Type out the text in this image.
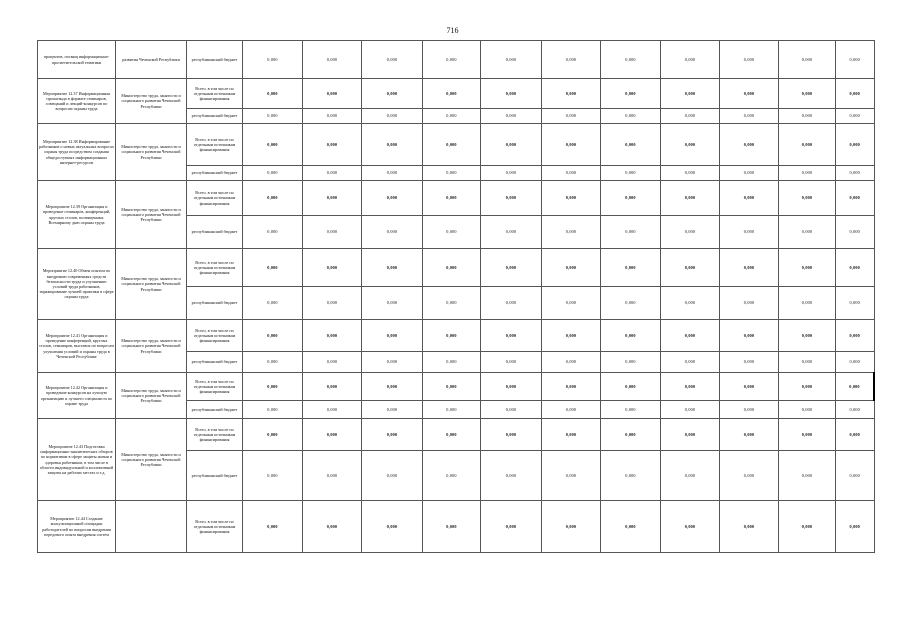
716
процентов, посвящ информационно-просветительской тематики	развития Чеченской Республики	республиканский бюджет	0,000	0,000	0,000	0,000	0,000	0,000	0,000	0,000	0,000	0,000	0,000
Мероприятие 12.37 Информационная пропаганда в формате семинаров, совещаний и лекций-конкурсов по вопросам охраны труда	Министерство труда, занятости и социального развития Чеченской Республики	Всего, в том числе по отдельным источникам финансирования	0,000	0,000	0,000	0,000	0,000	0,000	0,000	0,000	0,000	0,000	0,000
		республиканский бюджет	0,000	0,000	0,000	0,000	0,000	0,000	0,000	0,000	0,000	0,000	0,000
Мероприятие 12.38 Информирование работников о новых актуальных вопросах охраны труда посредством создания общедоступных информационных интернет-ресурсов	Министерство труда, занятости и социального развития Чеченской Республики	Всего, в том числе по отдельным источникам финансирования	0,000	0,000	0,000	0,000	0,000	0,000	0,000	0,000	0,000	0,000	0,000
		республиканский бюджет	0,000	0,000	0,000	0,000	0,000	0,000	0,000	0,000	0,000	0,000	0,000
Мероприятие 12.39 Организация и проведение семинаров, конференций, круглых столов, посвященных Всемирному дню охраны труда	Министерство труда, занятости и социального развития Чеченской Республики	Всего, в том числе по отдельным источникам финансирования	0,000	0,000	0,000	0,000	0,000	0,000	0,000	0,000	0,000	0,000	0,000
		республиканский бюджет	0,000	0,000	0,000	0,000	0,000	0,000	0,000	0,000	0,000	0,000	0,000
Мероприятие 12.40 Обмен опытом по внедрению современных средств безопасности труда и улучшению условий труда работников, тиражирование лучшей практики в сфере охраны труда	Министерство труда, занятости и социального развития Чеченской Республики	Всего, в том числе по отдельным источникам финансирования	0,000	0,000	0,000	0,000	0,000	0,000	0,000	0,000	0,000	0,000	0,000
		республиканский бюджет	0,000	0,000	0,000	0,000	0,000	0,000	0,000	0,000	0,000	0,000	0,000
Мероприятие 12.41 Организация и проведение конференций, круглых столов, семинаров, выставок по вопросам улучшения условий и охраны труда в Чеченской Республике	Министерство труда, занятости и социального развития Чеченской Республики	Всего, в том числе по отдельным источникам финансирования	0,000	0,000	0,000	0,000	0,000	0,000	0,000	0,000	0,000	0,000	0,000
		республиканский бюджет	0,000	0,000	0,000	0,000	0,000	0,000	0,000	0,000	0,000	0,000	0,000
Мероприятие 12.42 Организация и проведение конкурсов на лучшую организацию и лучшего специалиста по охране труда	Министерство труда, занятости и социального развития Чеченской Республики	Всего, в том числе по отдельным источникам финансирования	0,000	0,000	0,000	0,000	0,000	0,000	0,000	0,000	0,000	0,000	0,000
		республиканский бюджет	0,000	0,000	0,000	0,000	0,000	0,000	0,000	0,000	0,000	0,000	0,000
Мероприятие 12.43 Подготовка информационно-аналитических обзоров по нормативам в сфере защиты жизни и здоровья работников, в том числе в области индивидуальной и коллективной защиты на рабочих местах и т.д.	Министерство труда, занятости и социального развития Чеченской Республики	Всего, в том числе по отдельным источникам финансирования	0,000	0,000	0,000	0,000	0,000	0,000	0,000	0,000	0,000	0,000	0,000
		республиканский бюджет	0,000	0,000	0,000	0,000	0,000	0,000	0,000	0,000	0,000	0,000	0,000
Мероприятие 12.44 Создание консультационной площадки работодателей по вопросам внедрения передового опыта внедрения систем		Всего, в том числе по отдельным источникам финансирования	0,000	0,000	0,000	0,000	0,000	0,000	0,000	0,000	0,000	0,000	0,000
